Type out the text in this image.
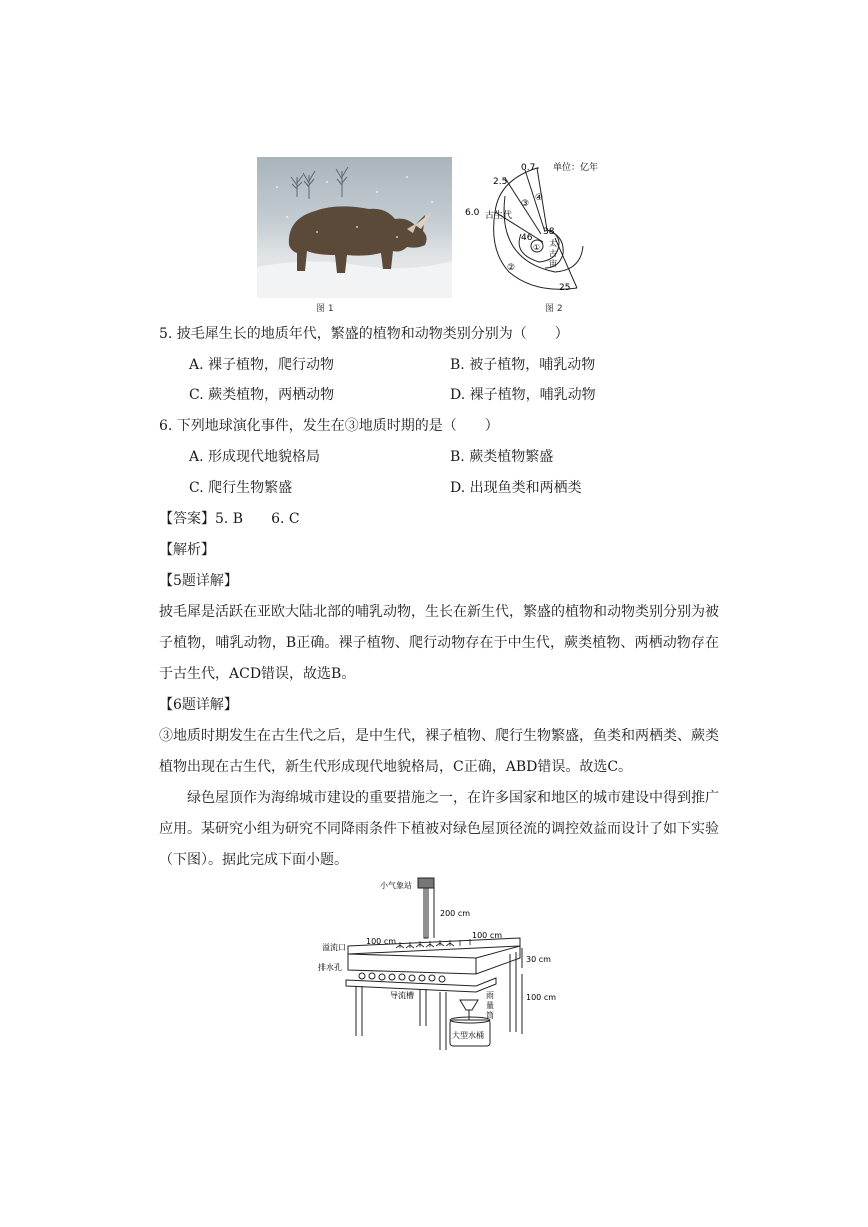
图 1
0.7 单位：亿年
2.5
6.0 古生代
③
④
46
38
①
②
太
古
宙
25
图 2
5. 披毛犀生长的地质年代，繁盛的植物和动物类别分别为（　　）
A. 裸子植物，爬行动物	B. 被子植物，哺乳动物
C. 蕨类植物，两栖动物	D. 裸子植物，哺乳动物
6. 下列地球演化事件，发生在③地质时期的是（　　）
A. 形成现代地貌格局	B. 蕨类植物繁盛
C. 爬行生物繁盛	D. 出现鱼类和两栖类
【答案】5. B　　6. C
【解析】
【5题详解】
披毛犀是活跃在亚欧大陆北部的哺乳动物，生长在新生代，繁盛的植物和动物类别分别为被子植物，哺乳动物，B正确。裸子植物、爬行动物存在于中生代，蕨类植物、两栖动物存在于古生代，ACD错误，故选B。
【6题详解】
③地质时期发生在古生代之后，是中生代，裸子植物、爬行生物繁盛，鱼类和两栖类、蕨类植物出现在古生代，新生代形成现代地貌格局，C正确，ABD错误。故选C。
绿色屋顶作为海绵城市建设的重要措施之一，在许多国家和地区的城市建设中得到推广应用。某研究小组为研究不同降雨条件下植被对绿色屋顶径流的调控效益而设计了如下实验（下图）。据此完成下面小题。
小气象站
200 cm
100 cm
100 cm
溢流口
排水孔
30 cm
100 cm
导流槽	雨
量
筒
大型水桶
